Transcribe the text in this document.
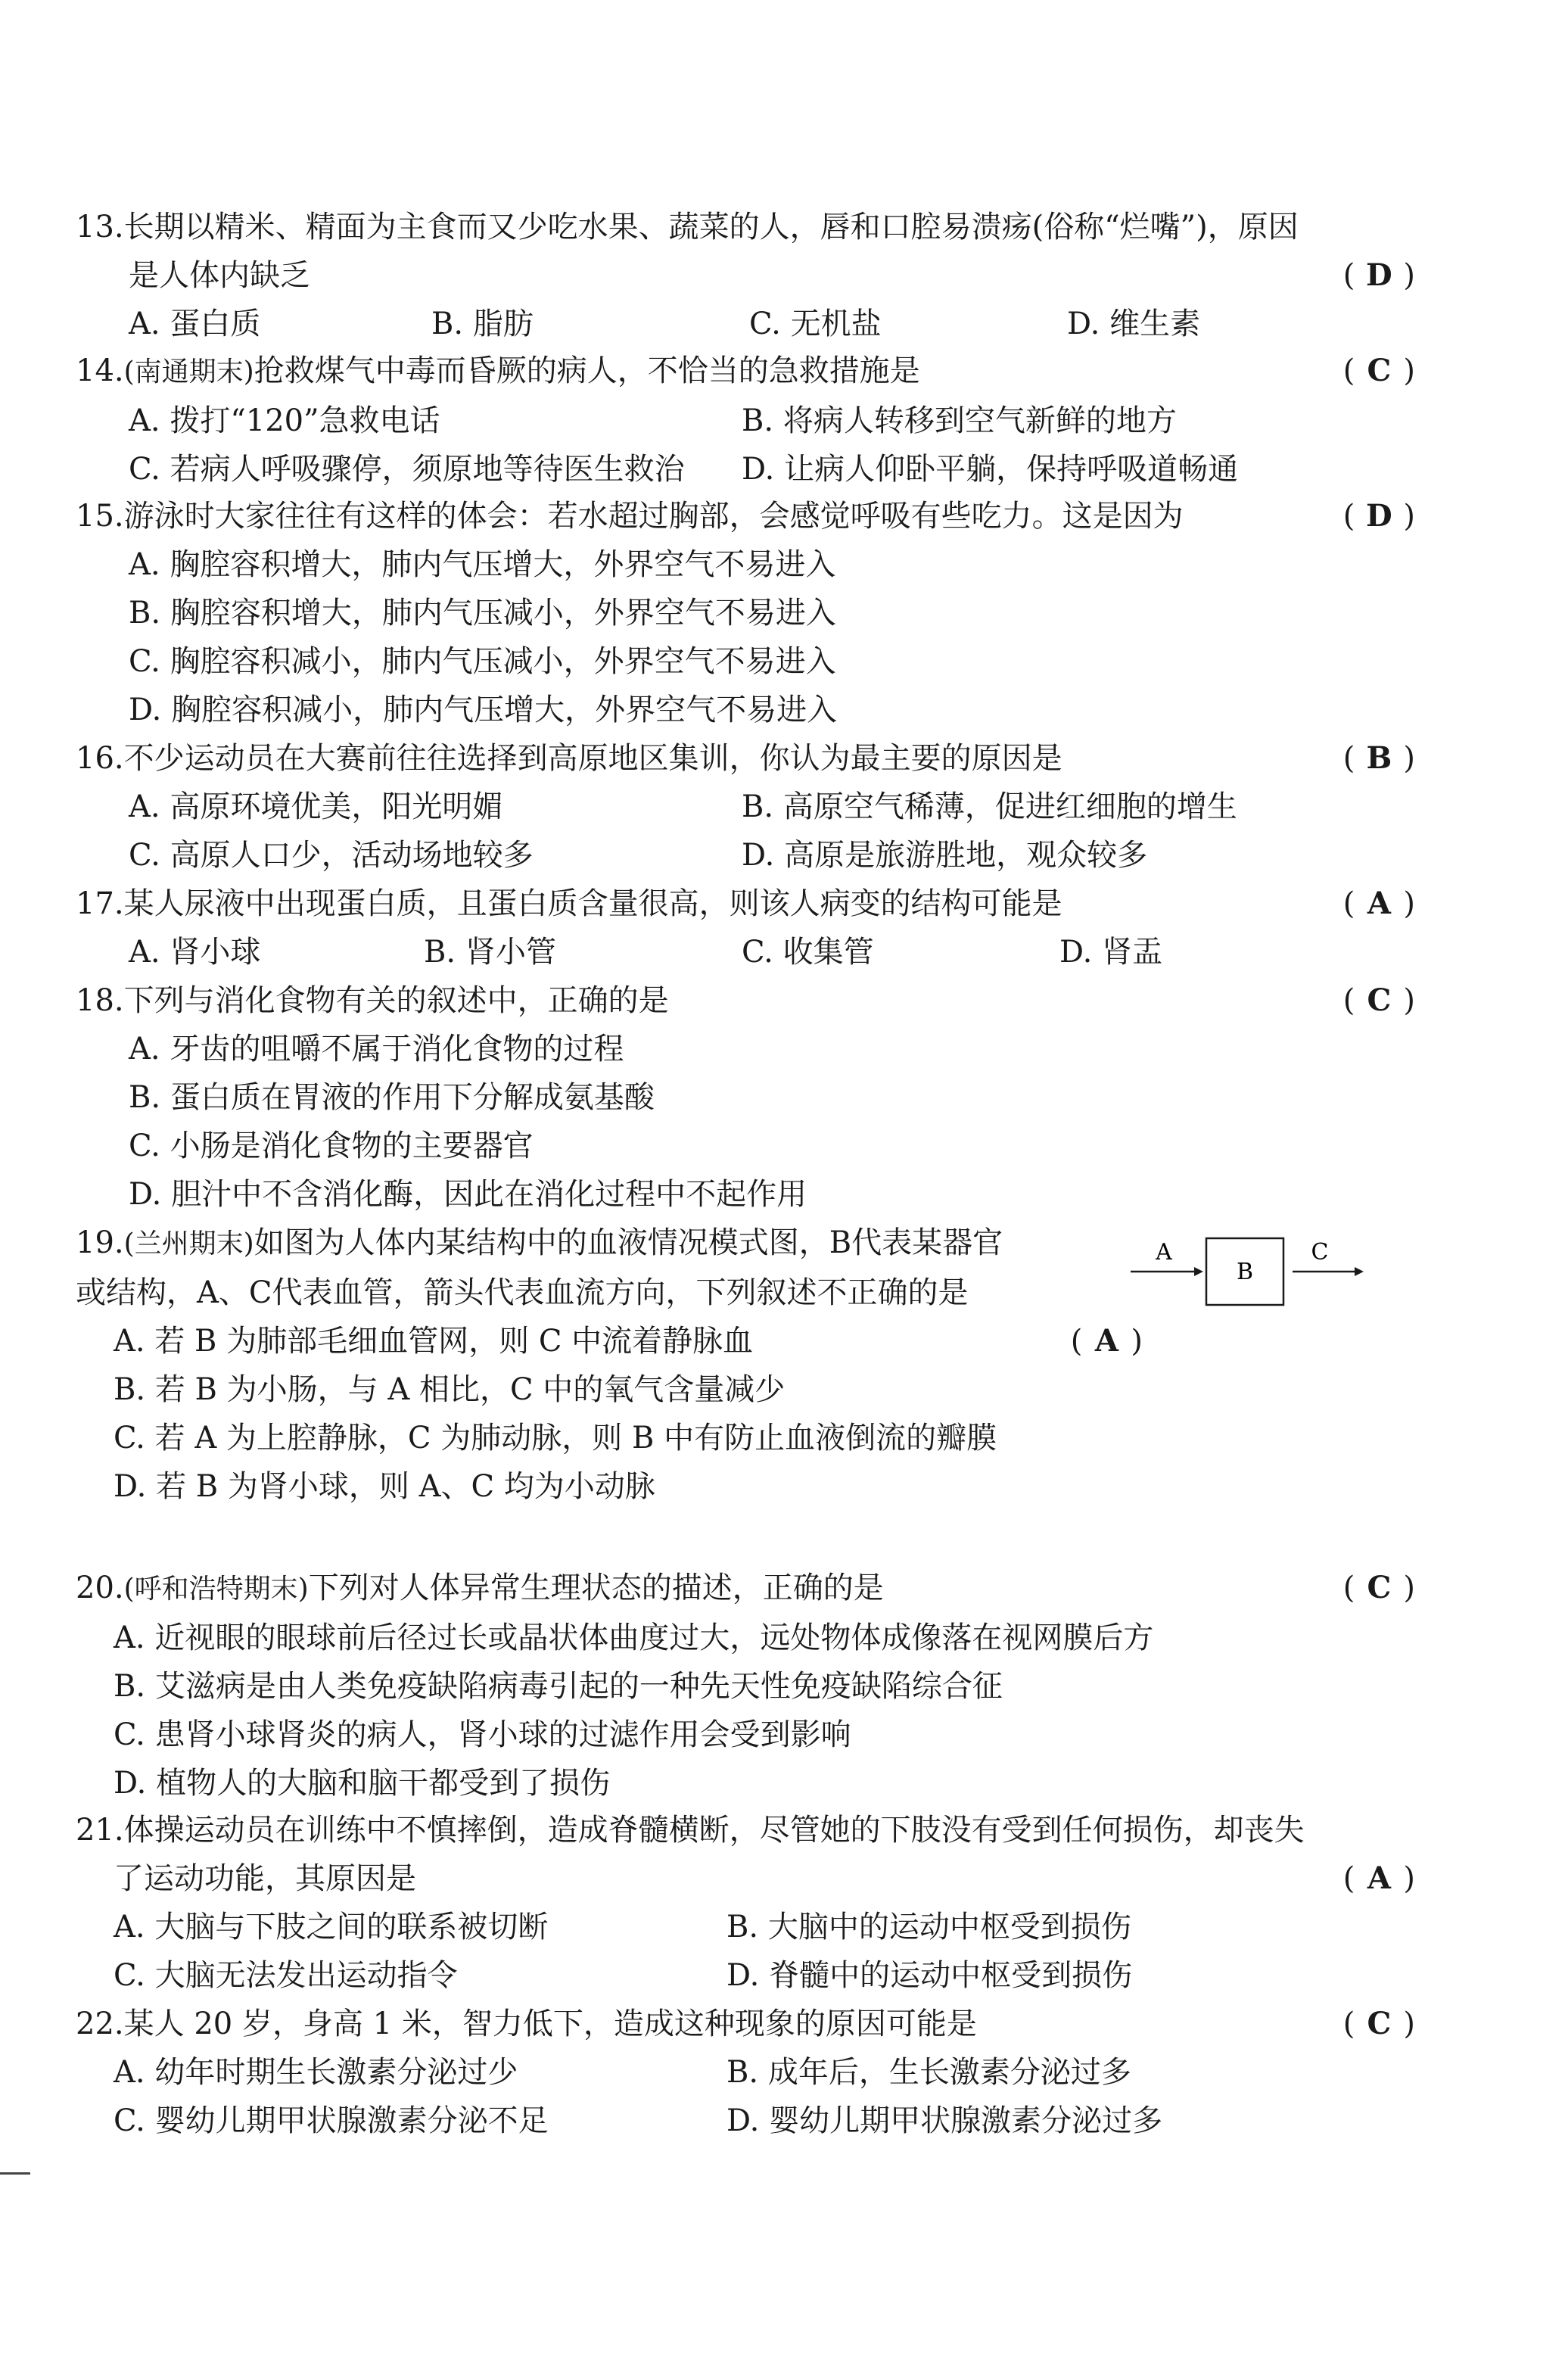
13.长期以精米、精面为主食而又少吃水果、蔬菜的人，唇和口腔易溃疡(俗称“烂嘴”)，原因
是人体内缺乏	( D )
A. 蛋白质	B. 脂肪	C. 无机盐	D. 维生素
14.(南通期末)抢救煤气中毒而昏厥的病人，不恰当的急救措施是	( C )
A. 拨打“120”急救电话	B. 将病人转移到空气新鲜的地方
C. 若病人呼吸骤停，须原地等待医生救治 D. 让病人仰卧平躺，保持呼吸道畅通
15.游泳时大家往往有这样的体会：若水超过胸部，会感觉呼吸有些吃力。这是因为	( D )
A. 胸腔容积增大，肺内气压增大，外界空气不易进入
B. 胸腔容积增大，肺内气压减小，外界空气不易进入
C. 胸腔容积减小，肺内气压减小，外界空气不易进入
D. 胸腔容积减小，肺内气压增大，外界空气不易进入
16.不少运动员在大赛前往往选择到高原地区集训，你认为最主要的原因是	( B )
A. 高原环境优美，阳光明媚	B. 高原空气稀薄，促进红细胞的增生
C. 高原人口少，活动场地较多	D. 高原是旅游胜地，观众较多
17.某人尿液中出现蛋白质，且蛋白质含量很高，则该人病变的结构可能是	( A )
A. 肾小球	B. 肾小管	C. 收集管	D. 肾盂
18.下列与消化食物有关的叙述中，正确的是	( C )
A. 牙齿的咀嚼不属于消化食物的过程
B. 蛋白质在胃液的作用下分解成氨基酸
C. 小肠是消化食物的主要器官
D. 胆汁中不含消化酶，因此在消化过程中不起作用
19.(兰州期末)如图为人体内某结构中的血液情况模式图，B代表某器官
或结构，A、C代表血管，箭头代表血流方向，下列叙述不正确的是
( A )
A. 若 B 为肺部毛细血管网，则 C 中流着静脉血
B. 若 B 为小肠，与 A 相比，C 中的氧气含量减少
C. 若 A 为上腔静脉，C 为肺动脉，则 B 中有防止血液倒流的瓣膜
D. 若 B 为肾小球，则 A、C 均为小动脉
A
B
C
20.(呼和浩特期末)下列对人体异常生理状态的描述，正确的是	( C )
A. 近视眼的眼球前后径过长或晶状体曲度过大，远处物体成像落在视网膜后方
B. 艾滋病是由人类免疫缺陷病毒引起的一种先天性免疫缺陷综合征
C. 患肾小球肾炎的病人，肾小球的过滤作用会受到影响
D. 植物人的大脑和脑干都受到了损伤
21.体操运动员在训练中不慎摔倒，造成脊髓横断，尽管她的下肢没有受到任何损伤，却丧失
了运动功能，其原因是	( A )
A. 大脑与下肢之间的联系被切断	B. 大脑中的运动中枢受到损伤
C. 大脑无法发出运动指令	D. 脊髓中的运动中枢受到损伤
22.某人 20 岁，身高 1 米，智力低下，造成这种现象的原因可能是	( C )
A. 幼年时期生长激素分泌过少	B. 成年后，生长激素分泌过多
C. 婴幼儿期甲状腺激素分泌不足	D. 婴幼儿期甲状腺激素分泌过多
